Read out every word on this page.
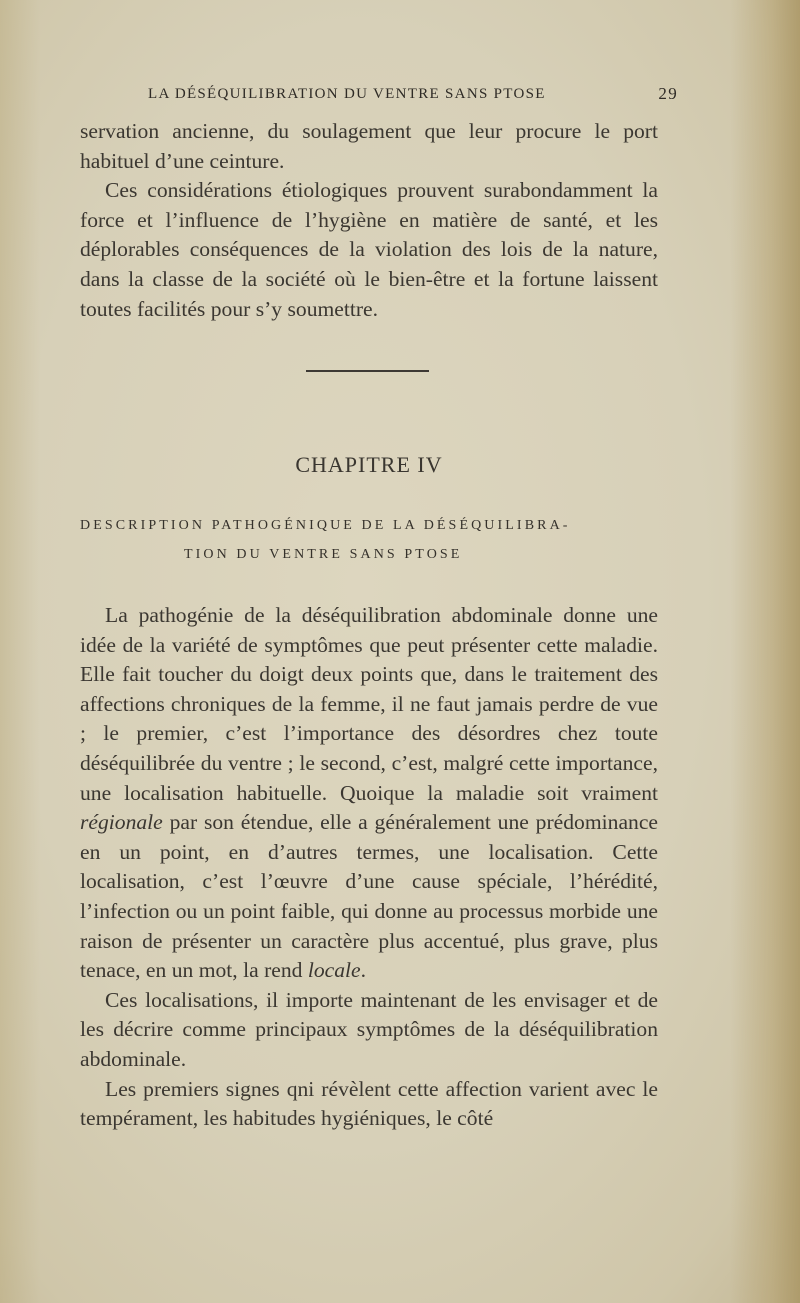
LA DÉSÉQUILIBRATION DU VENTRE SANS PTOSE	29

servation ancienne, du soulagement que leur procure le port habituel d’une ceinture.

Ces considérations étiologiques prouvent surabondamment la force et l’influence de l’hygiène en matière de santé, et les déplorables conséquences de la violation des lois de la nature, dans la classe de la société où le bien-être et la fortune laissent toutes facilités pour s’y soumettre.

CHAPITRE IV
DESCRIPTION PATHOGÉNIQUE DE LA DÉSÉQUILIBRA-
TION DU VENTRE SANS PTOSE

La pathogénie de la déséquilibration abdominale donne une idée de la variété de symptômes que peut présenter cette maladie. Elle fait toucher du doigt deux points que, dans le traitement des affections chroniques de la femme, il ne faut jamais perdre de vue ; le premier, c’est l’importance des désordres chez toute déséquilibrée du ventre ; le second, c’est, malgré cette importance, une localisation habituelle. Quoique la maladie soit vraiment régionale par son étendue, elle a généralement une prédominance en un point, en d’autres termes, une localisation. Cette localisation, c’est l’œuvre d’une cause spéciale, l’hérédité, l’infection ou un point faible, qui donne au processus morbide une raison de présenter un caractère plus accentué, plus grave, plus tenace, en un mot, la rend locale.

Ces localisations, il importe maintenant de les envisager et de les décrire comme principaux symptômes de la déséquilibration abdominale.

Les premiers signes qni révèlent cette affection varient avec le tempérament, les habitudes hygiéniques, le côté
